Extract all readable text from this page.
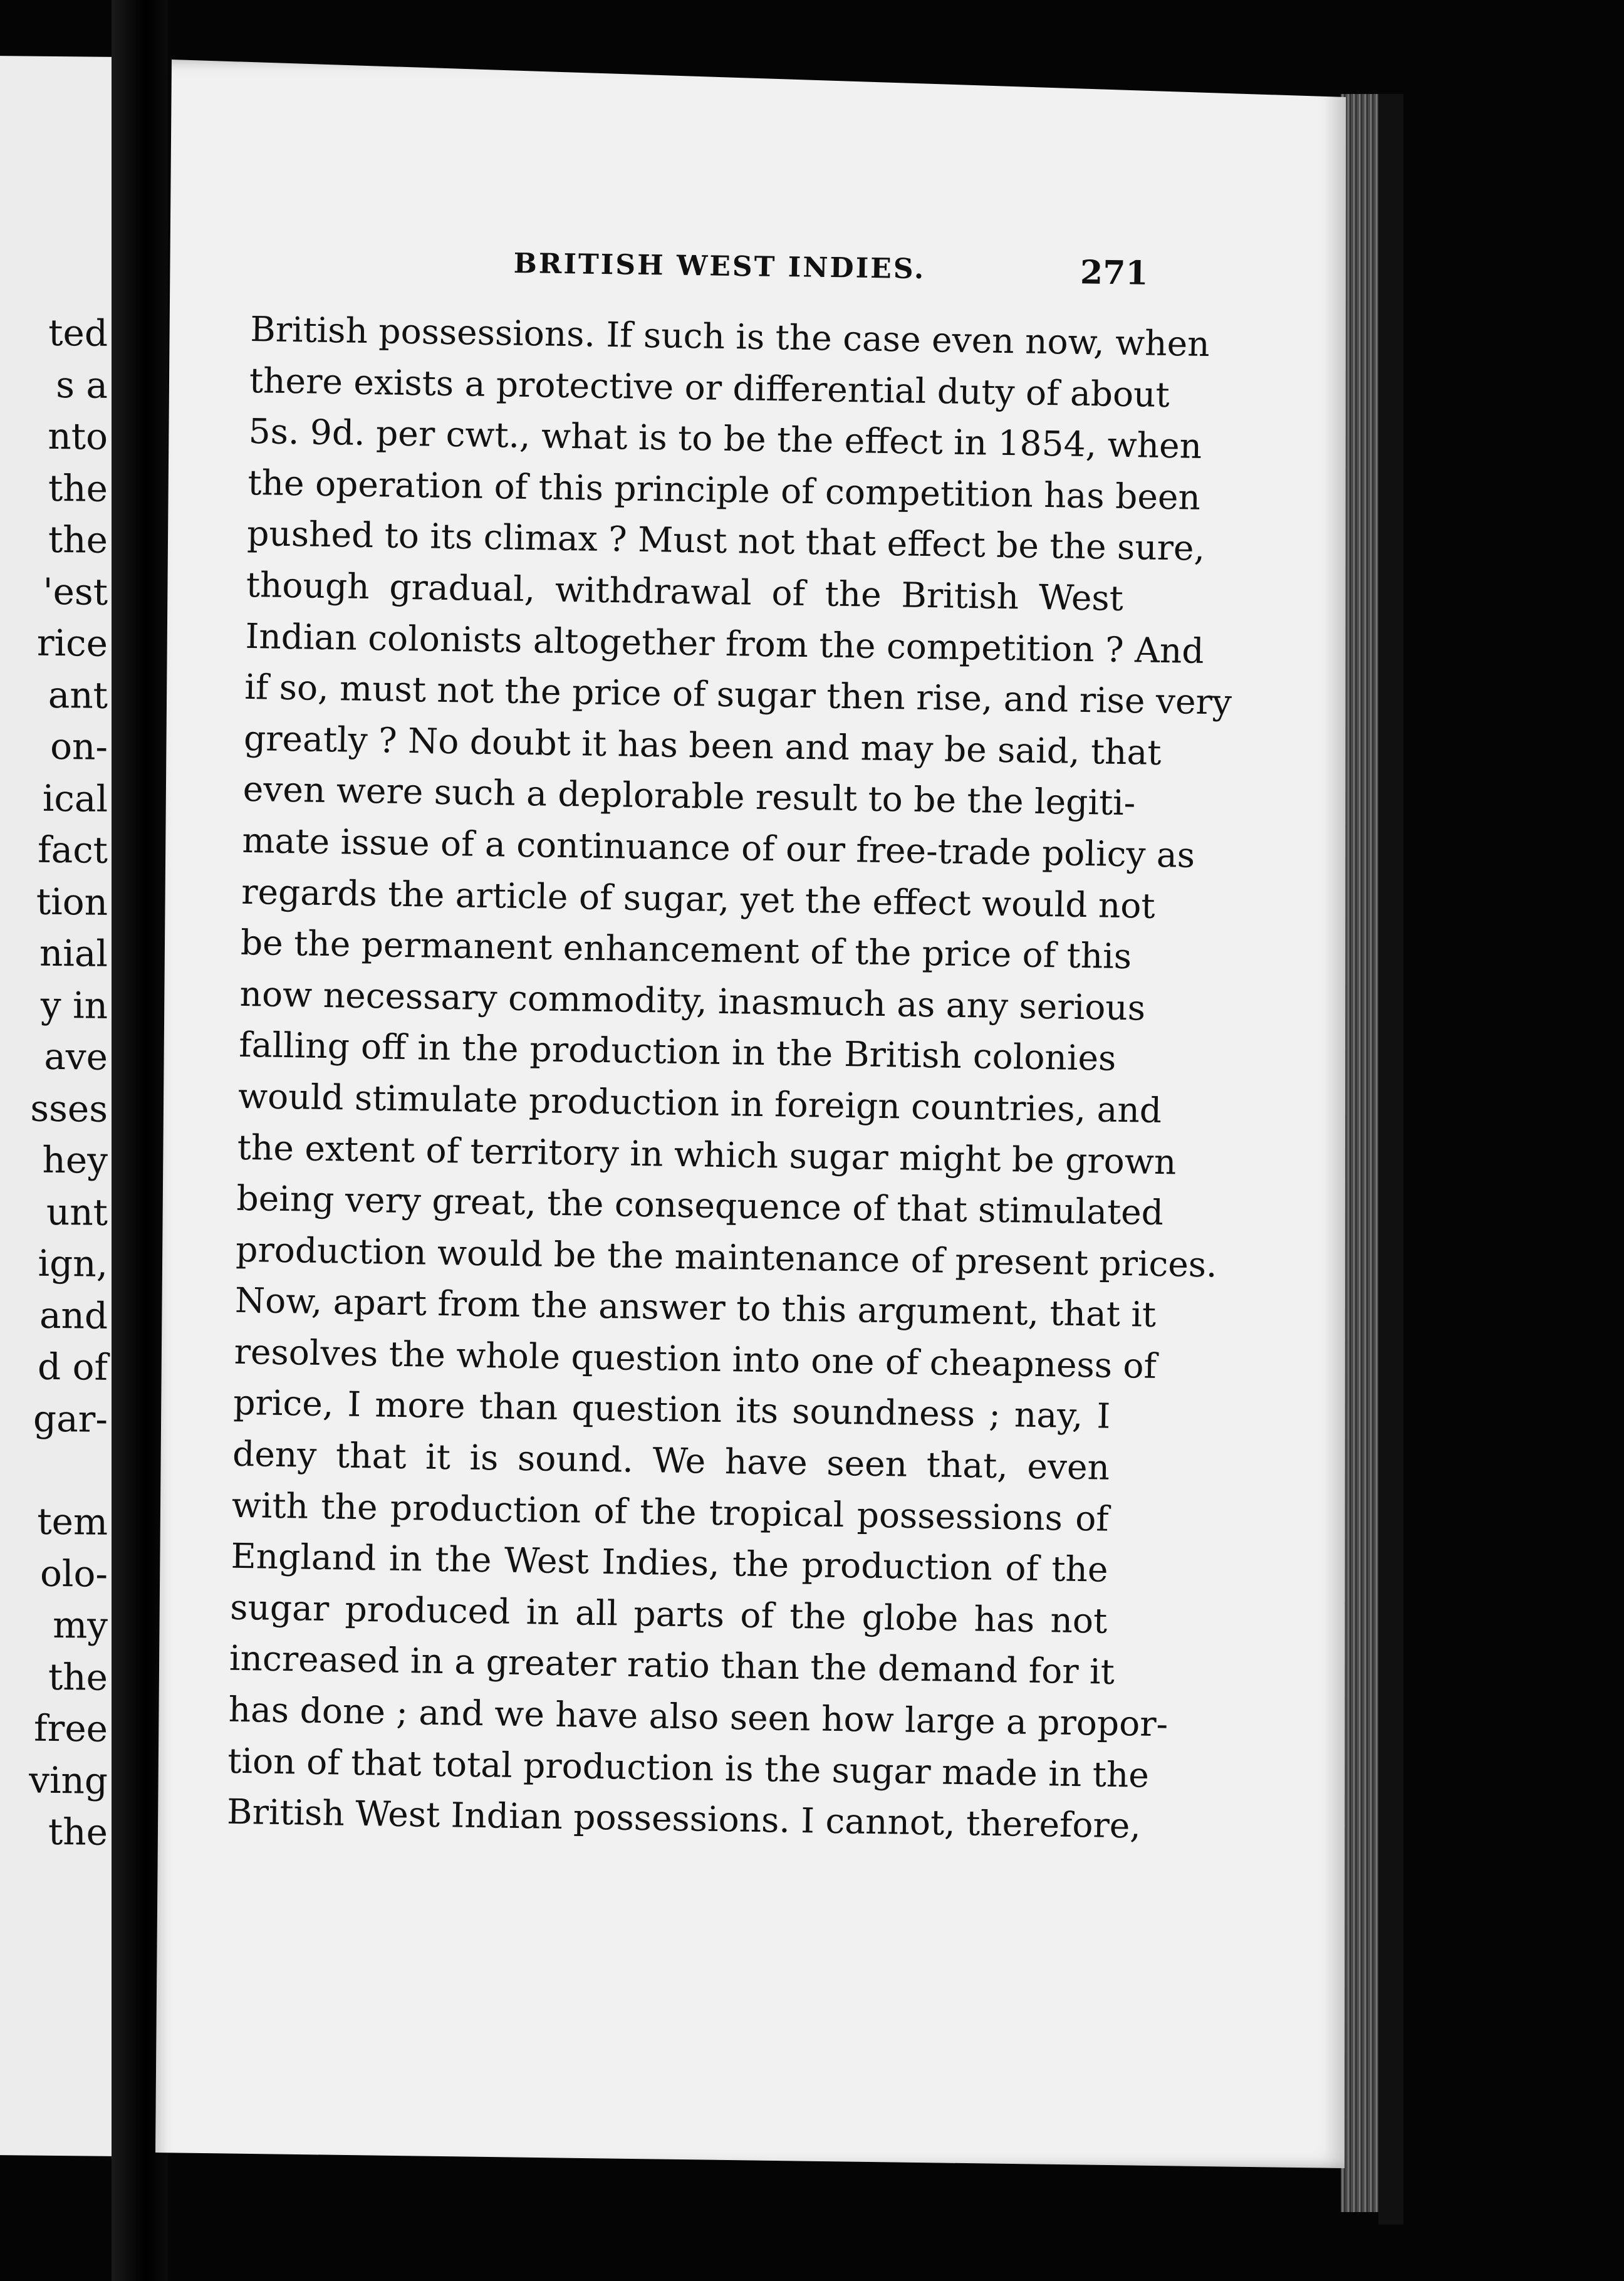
ted
s a
nto
the
the
'est
rice
ant
on-
ical
fact
tion
nial
y in
ave
sses
hey
unt
ign,
and
d of
gar-

tem
olo-
my
the
free
ving
the
BRITISH WEST INDIES.	271
British possessions. If such is the case even now, when
there exists a protective or differential duty of about
5s. 9d. per cwt., what is to be the effect in 1854, when
the operation of this principle of competition has been
pushed to its climax ? Must not that effect be the sure,
though gradual, withdrawal of the British West
Indian colonists altogether from the competition ? And
if so, must not the price of sugar then rise, and rise very
greatly ? No doubt it has been and may be said, that
even were such a deplorable result to be the legiti-
mate issue of a continuance of our free-trade policy as
regards the article of sugar, yet the effect would not
be the permanent enhancement of the price of this
now necessary commodity, inasmuch as any serious
falling off in the production in the British colonies
would stimulate production in foreign countries, and
the extent of territory in which sugar might be grown
being very great, the consequence of that stimulated
production would be the maintenance of present prices.
Now, apart from the answer to this argument, that it
resolves the whole question into one of cheapness of
price, I more than question its soundness ; nay, I
deny that it is sound. We have seen that, even
with the production of the tropical possessions of
England in the West Indies, the production of the
sugar produced in all parts of the globe has not
increased in a greater ratio than the demand for it
has done ; and we have also seen how large a propor-
tion of that total production is the sugar made in the
British West Indian possessions. I cannot, therefore,
